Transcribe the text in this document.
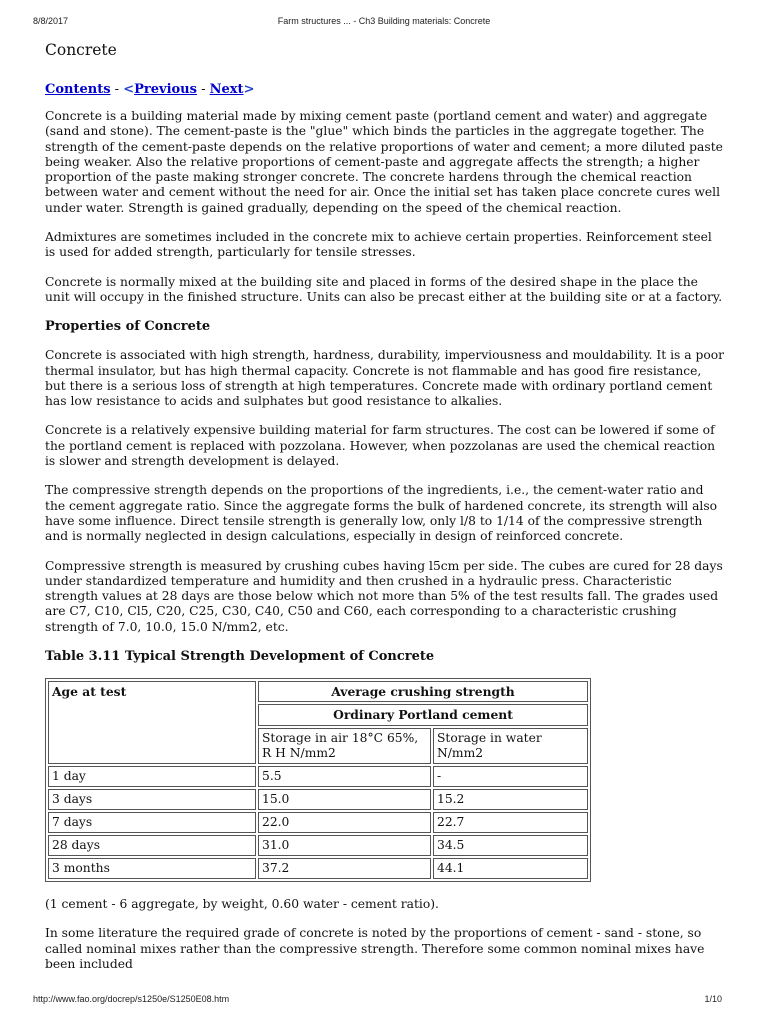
8/8/2017	Farm structures ... - Ch3 Building materials: Concrete
Concrete
Contents - <Previous - Next>

Concrete is a building material made by mixing cement paste (portland cement and water) and aggregate (sand and stone). The cement-paste is the "glue" which binds the particles in the aggregate together. The strength of the cement-paste depends on the relative proportions of water and cement; a more diluted paste being weaker. Also the relative proportions of cement-paste and aggregate affects the strength; a higher proportion of the paste making stronger concrete. The concrete hardens through the chemical reaction between water and cement without the need for air. Once the initial set has taken place concrete cures well under water. Strength is gained gradually, depending on the speed of the chemical reaction.

Admixtures are sometimes included in the concrete mix to achieve certain properties. Reinforcement steel is used for added strength, particularly for tensile stresses.

Concrete is normally mixed at the building site and placed in forms of the desired shape in the place the unit will occupy in the finished structure. Units can also be precast either at the building site or at a factory.

Properties of Concrete

Concrete is associated with high strength, hardness, durability, imperviousness and mouldability. It is a poor thermal insulator, but has high thermal capacity. Concrete is not flammable and has good fire resistance, but there is a serious loss of strength at high temperatures. Concrete made with ordinary portland cement has low resistance to acids and sulphates but good resistance to alkalies.

Concrete is a relatively expensive building material for farm structures. The cost can be lowered if some of the portland cement is replaced with pozzolana. However, when pozzolanas are used the chemical reaction is slower and strength development is delayed.

The compressive strength depends on the proportions of the ingredients, i.e., the cement-water ratio and the cement aggregate ratio. Since the aggregate forms the bulk of hardened concrete, its strength will also have some influence. Direct tensile strength is generally low, only l/8 to 1/14 of the compressive strength and is normally neglected in design calculations, especially in design of reinforced concrete.

Compressive strength is measured by crushing cubes having l5cm per side. The cubes are cured for 28 days under standardized temperature and humidity and then crushed in a hydraulic press. Characteristic strength values at 28 days are those below which not more than 5% of the test results fall. The grades used are C7, C10, Cl5, C20, C25, C30, C40, C50 and C60, each corresponding to a characteristic crushing strength of 7.0, 10.0, 15.0 N/mm2, etc.

Table 3.11 Typical Strength Development of Concrete
Age at test	Average crushing strength	
	Ordinary Portland cement	
	Storage in air 18°C 65%, R H N/mm2	Storage in water N/mm2
1 day	5.5	-
3 days	15.0	15.2
7 days	22.0	22.7
28 days	31.0	34.5
3 months	37.2	44.1

(1 cement - 6 aggregate, by weight, 0.60 water - cement ratio).

In some literature the required grade of concrete is noted by the proportions of cement - sand - stone, so called nominal mixes rather than the compressive strength. Therefore some common nominal mixes have been included

http://www.fao.org/docrep/s1250e/S1250E08.htm	1/10
